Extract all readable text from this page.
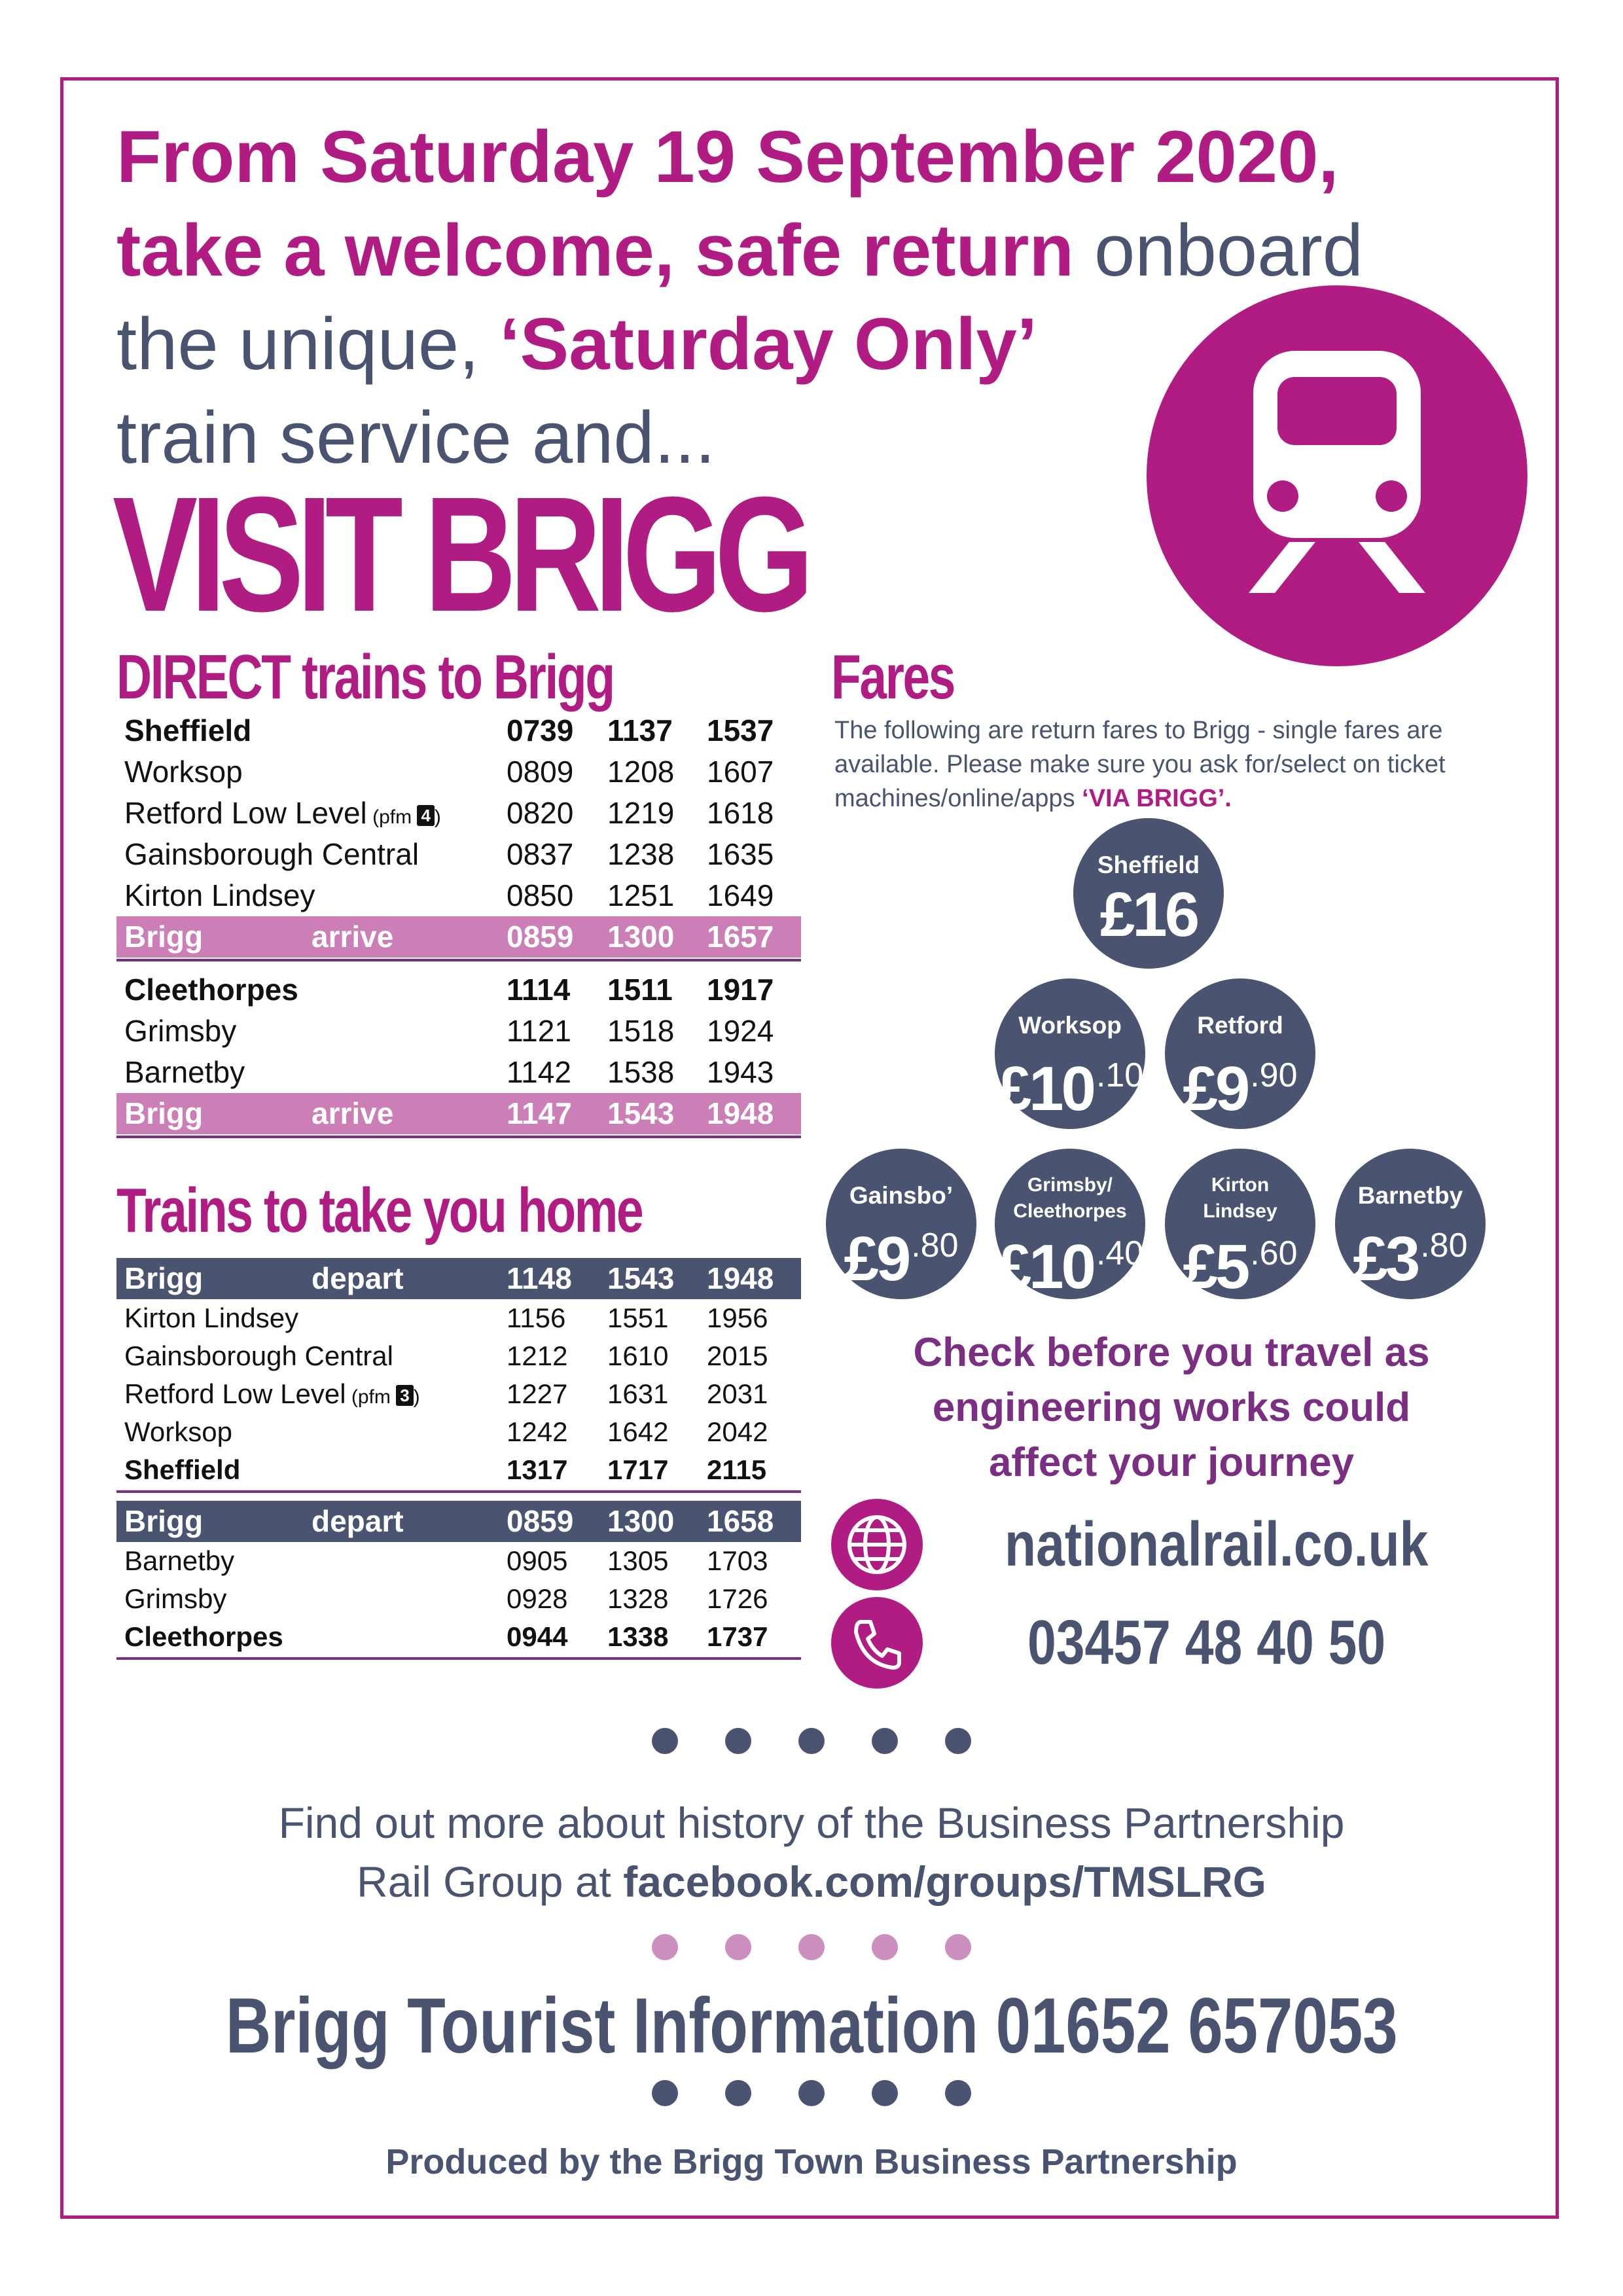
From Saturday 19 September 2020,
take a welcome, safe return onboard
the unique, ‘Saturday Only’
train service and...
VISIT BRIGG
DIRECT trains to Brigg
Sheffield	0739 1137 1537
Worksop	0809 1208 1607
Retford Low Level (pfm 4 ) 0820 1219 1618
Gainsborough Central	0837 1238 1635
Kirton Lindsey	0850 1251 1649
Brigg	arrive	0859 1300 1657
Cleethorpes	1114 1511 1917
Grimsby	1121 1518 1924
Barnetby	1142 1538 1943
Brigg	arrive	1147 1543 1948
Trains to take you home
Brigg	depart	1148 1543 1948
Kirton Lindsey	1156 1551 1956
Gainsborough Central	1212 1610 2015
Retford Low Level (pfm 3 )	1227 1631 2031
Worksop	1242 1642 2042
Sheffield	1317 1717 2115
Brigg	depart	0859 1300 1658
Barnetby	0905 1305 1703
Grimsby	0928 1328 1726
Cleethorpes	0944 1338 1737
Fares
The following are return fares to Brigg - single fares are available. Please make sure you ask for/select on ticket machines/online/apps ‘VIA BRIGG’.
Sheffield
£16
Worksop
$£10^{.10}$
Retford
$£9^{.90}$
Gainsbo’
$£9^{.80}$
Grimsby/
Cleethorpes
$£10^{.40}$
Kirton
Lindsey
$£5^{.60}$
Barnetby
$£3^{.80}$
Check before you travel as
engineering works could
affect your journey
nationalrail.co.uk
03457 48 40 50
Find out more about history of the Business Partnership
Rail Group at facebook.com/groups/TMSLRG
Brigg Tourist Information 01652 657053
Produced by the Brigg Town Business Partnership
